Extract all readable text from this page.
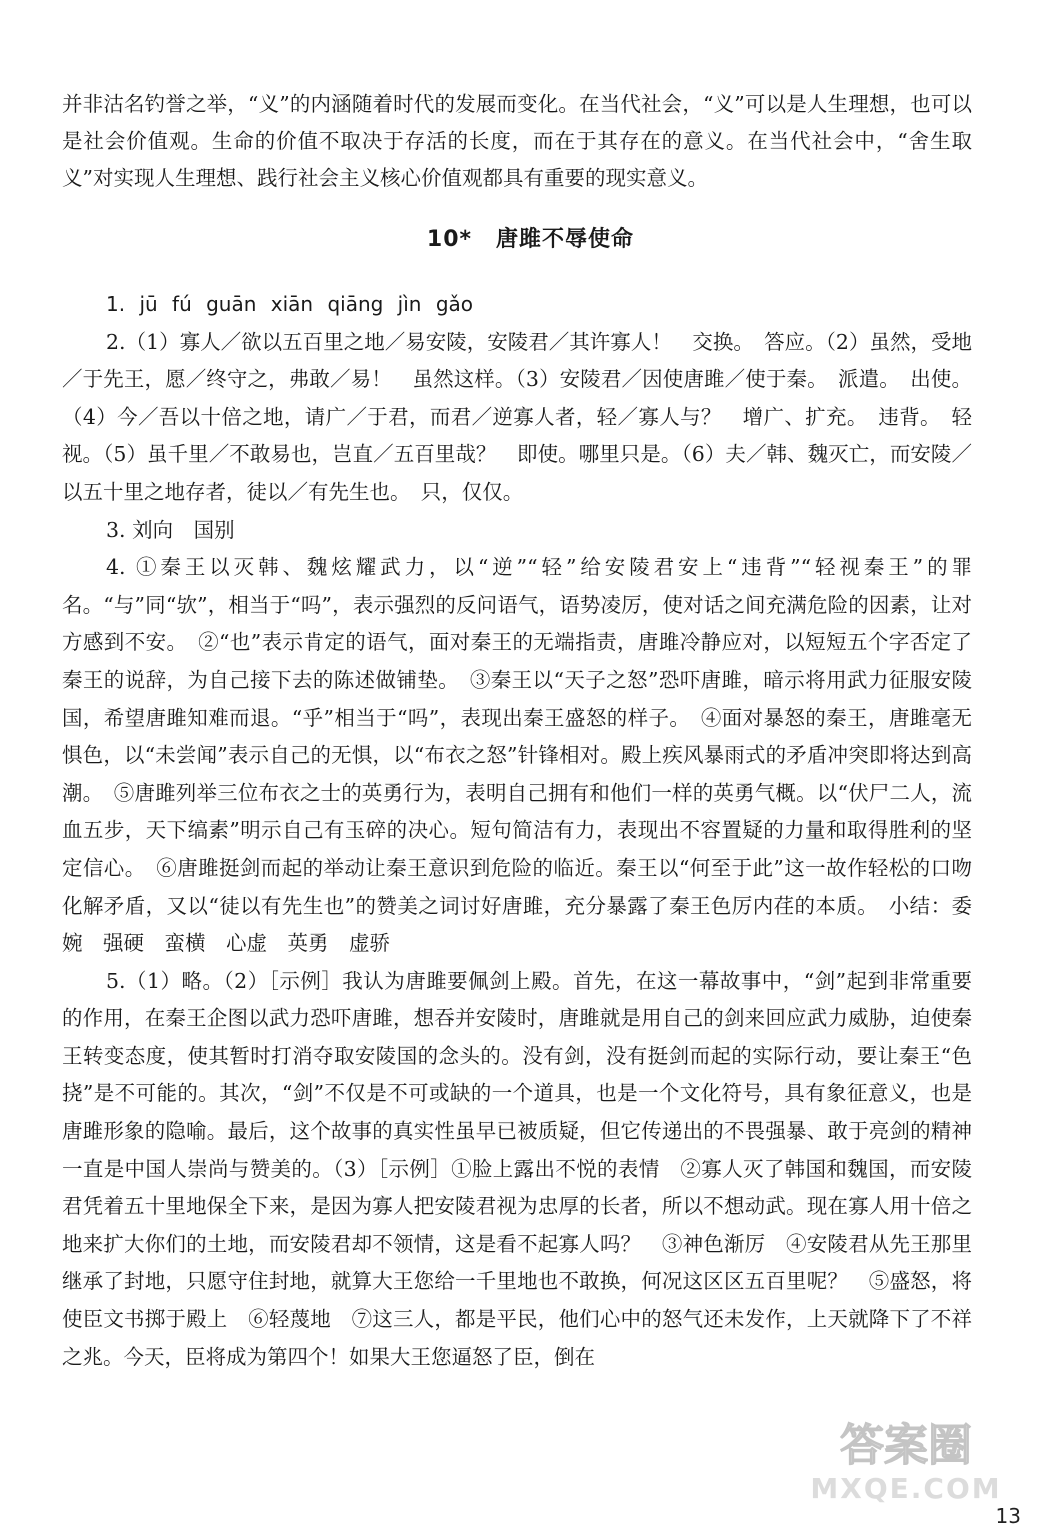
并非沽名钓誉之举，“义”的内涵随着时代的发展而变化。在当代社会，“义”可以是人生理想，也可以是社会价值观。生命的价值不取决于存活的长度，而在于其存在的意义。在当代社会中，“舍生取义”对实现人生理想、践行社会主义核心价值观都具有重要的现实意义。

10* 唐雎不辱使命

1. jū fú guān xiān qiāng jìn gǎo

2.（1）寡人／欲以五百里之地／易安陵，安陵君／其许寡人！　交换。　答应。（2）虽然，受地／于先王，愿／终守之，弗敢／易！　虽然这样。（3）安陵君／因使唐雎／使于秦。　派遣。　出使。（4）今／吾以十倍之地，请广／于君，而君／逆寡人者，轻／寡人与？　增广、扩充。　违背。　轻视。（5）虽千里／不敢易也，岂直／五百里哉？　即使。哪里只是。（6）夫／韩、魏灭亡，而安陵／以五十里之地存者，徒以／有先生也。　只，仅仅。

3. 刘向　国别

4. ①秦王以灭韩、魏炫耀武力，以“逆”“轻”给安陵君安上“违背”“轻视秦王”的罪名。“与”同“欤”，相当于“吗”，表示强烈的反问语气，语势凌厉，使对话之间充满危险的因素，让对方感到不安。　②“也”表示肯定的语气，面对秦王的无端指责，唐雎冷静应对，以短短五个字否定了秦王的说辞，为自己接下去的陈述做铺垫。　③秦王以“天子之怒”恐吓唐雎，暗示将用武力征服安陵国，希望唐雎知难而退。“乎”相当于“吗”，表现出秦王盛怒的样子。　④面对暴怒的秦王，唐雎毫无惧色，以“未尝闻”表示自己的无惧，以“布衣之怒”针锋相对。殿上疾风暴雨式的矛盾冲突即将达到高潮。　⑤唐雎列举三位布衣之士的英勇行为，表明自己拥有和他们一样的英勇气概。以“伏尸二人，流血五步，天下缟素”明示自己有玉碎的决心。短句简洁有力，表现出不容置疑的力量和取得胜利的坚定信心。　⑥唐雎挺剑而起的举动让秦王意识到危险的临近。秦王以“何至于此”这一故作轻松的口吻化解矛盾，又以“徒以有先生也”的赞美之词讨好唐雎，充分暴露了秦王色厉内荏的本质。　小结：委婉　强硬　蛮横　心虚　英勇　虚骄

5.（1）略。（2）［示例］我认为唐雎要佩剑上殿。首先，在这一幕故事中，“剑”起到非常重要的作用，在秦王企图以武力恐吓唐雎，想吞并安陵时，唐雎就是用自己的剑来回应武力威胁，迫使秦王转变态度，使其暂时打消夺取安陵国的念头的。没有剑，没有挺剑而起的实际行动，要让秦王“色挠”是不可能的。其次，“剑”不仅是不可或缺的一个道具，也是一个文化符号，具有象征意义，也是唐雎形象的隐喻。最后，这个故事的真实性虽早已被质疑，但它传递出的不畏强暴、敢于亮剑的精神一直是中国人崇尚与赞美的。（3）［示例］①脸上露出不悦的表情　②寡人灭了韩国和魏国，而安陵君凭着五十里地保全下来，是因为寡人把安陵君视为忠厚的长者，所以不想动武。现在寡人用十倍之地来扩大你们的土地，而安陵君却不领情，这是看不起寡人吗？　③神色渐厉　④安陵君从先王那里继承了封地，只愿守住封地，就算大王您给一千里地也不敢换，何况这区区五百里呢？　⑤盛怒，将使臣文书掷于殿上　⑥轻蔑地　⑦这三人，都是平民，他们心中的怒气还未发作，上天就降下了不祥之兆。今天，臣将成为第四个！如果大王您逼怒了臣，倒在

答案圈
MXQE.COM
13
